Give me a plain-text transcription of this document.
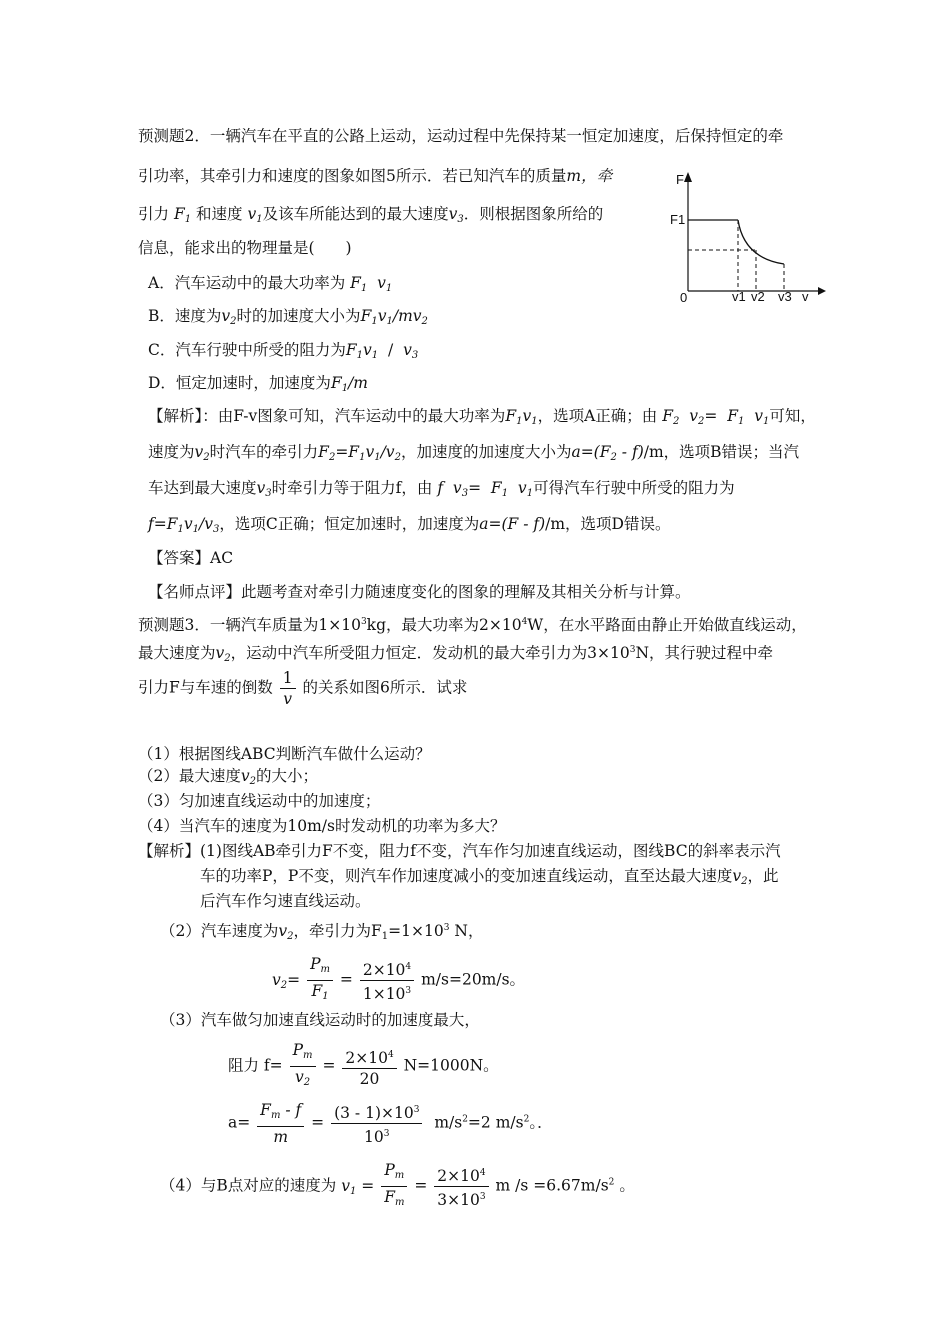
预测题2．一辆汽车在平直的公路上运动，运动过程中先保持某一恒定加速度，后保持恒定的牵
引功率，其牵引力和速度的图象如图5所示．若已知汽车的质量m，牵
引力 $F_1$ 和速度 $v_1$及该车所能达到的最大速度$v_3$．则根据图象所给的
信息，能求出的物理量是(　　)
A．汽车运动中的最大功率为 $F_1$ $v_1$
B．速度为$v_2$时的加速度大小为$F_1v_1/mv_2$
C．汽车行驶中所受的阻力为$F_1v_1 / v_3$
D．恒定加速时，加速度为$F_1/m$
F
F1
0	v1 v2 v3 v
【解析】：由F-v图象可知，汽车运动中的最大功率为$F_1v_1$，选项A正确；由 $F_2$  $v_2= F_1$  $v_1$可知，
速度为$v_2$时汽车的牵引力$F_2=F_1v_1/v_2$，加速度的加速度大小为$a=(F_2 - f)/m$，选项B错误；当汽
车达到最大速度$v_3$时牵引力等于阻力f，由 f  $v_3= F_1$  $v_1$可得汽车行驶中所受的阻力为
$f=F_1v_1/v_3$，选项C正确；恒定加速时，加速度为a=(F - f)/m，选项D错误。
【答案】AC
【名师点评】此题考查对牵引力随速度变化的图象的理解及其相关分析与计算。
预测题3．一辆汽车质量为$1\times 10^3kg$，最大功率为$2\times 10^4W$，在水平路面由静止开始做直线运动，
最大速度为$v_2$，运动中汽车所受阻力恒定．发动机的最大牵引力为$3\times 10^3N$，其行驶过程中牵
引力F与车速的倒数 $\frac{1}{v}$ 的关系如图6所示．试求
（1）根据图线ABC判断汽车做什么运动？
（2）最大速度$v_2$的大小；
（3）匀加速直线运动中的加速度；
（4）当汽车的速度为10m/s时发动机的功率为多大？
【解析】(1)图线AB牵引力F不变，阻力f不变，汽车作匀加速直线运动，图线BC的斜率表示汽
车的功率P，P不变，则汽车作加速度减小的变加速直线运动，直至达最大速度$v_2$，此
后汽车作匀速直线运动。
（2）汽车速度为$v_2$，牵引力为$F_1=1\times 10^3$ N，
$v_2= \frac{P_m}{F_1} = \frac{2\times 10^4}{1\times 10^3} m/s=20m/s$。
（3）汽车做匀加速直线运动时的加速度最大，
阻力 $f= \frac{P_m}{v_2} = \frac{2\times 10^4}{20} N=1000N$。
$a= \frac{F_m - f}{m} = \frac{(3 - 1)\times 10^3}{10^3} m/s^2=2$ $m/s^2$。．
（4）与B点对应的速度为 $v_1 = \frac{P_m}{F_m} = \frac{2\times 10^4}{3\times 10^3}$ m $/s =6.67m/s^2$ 。
